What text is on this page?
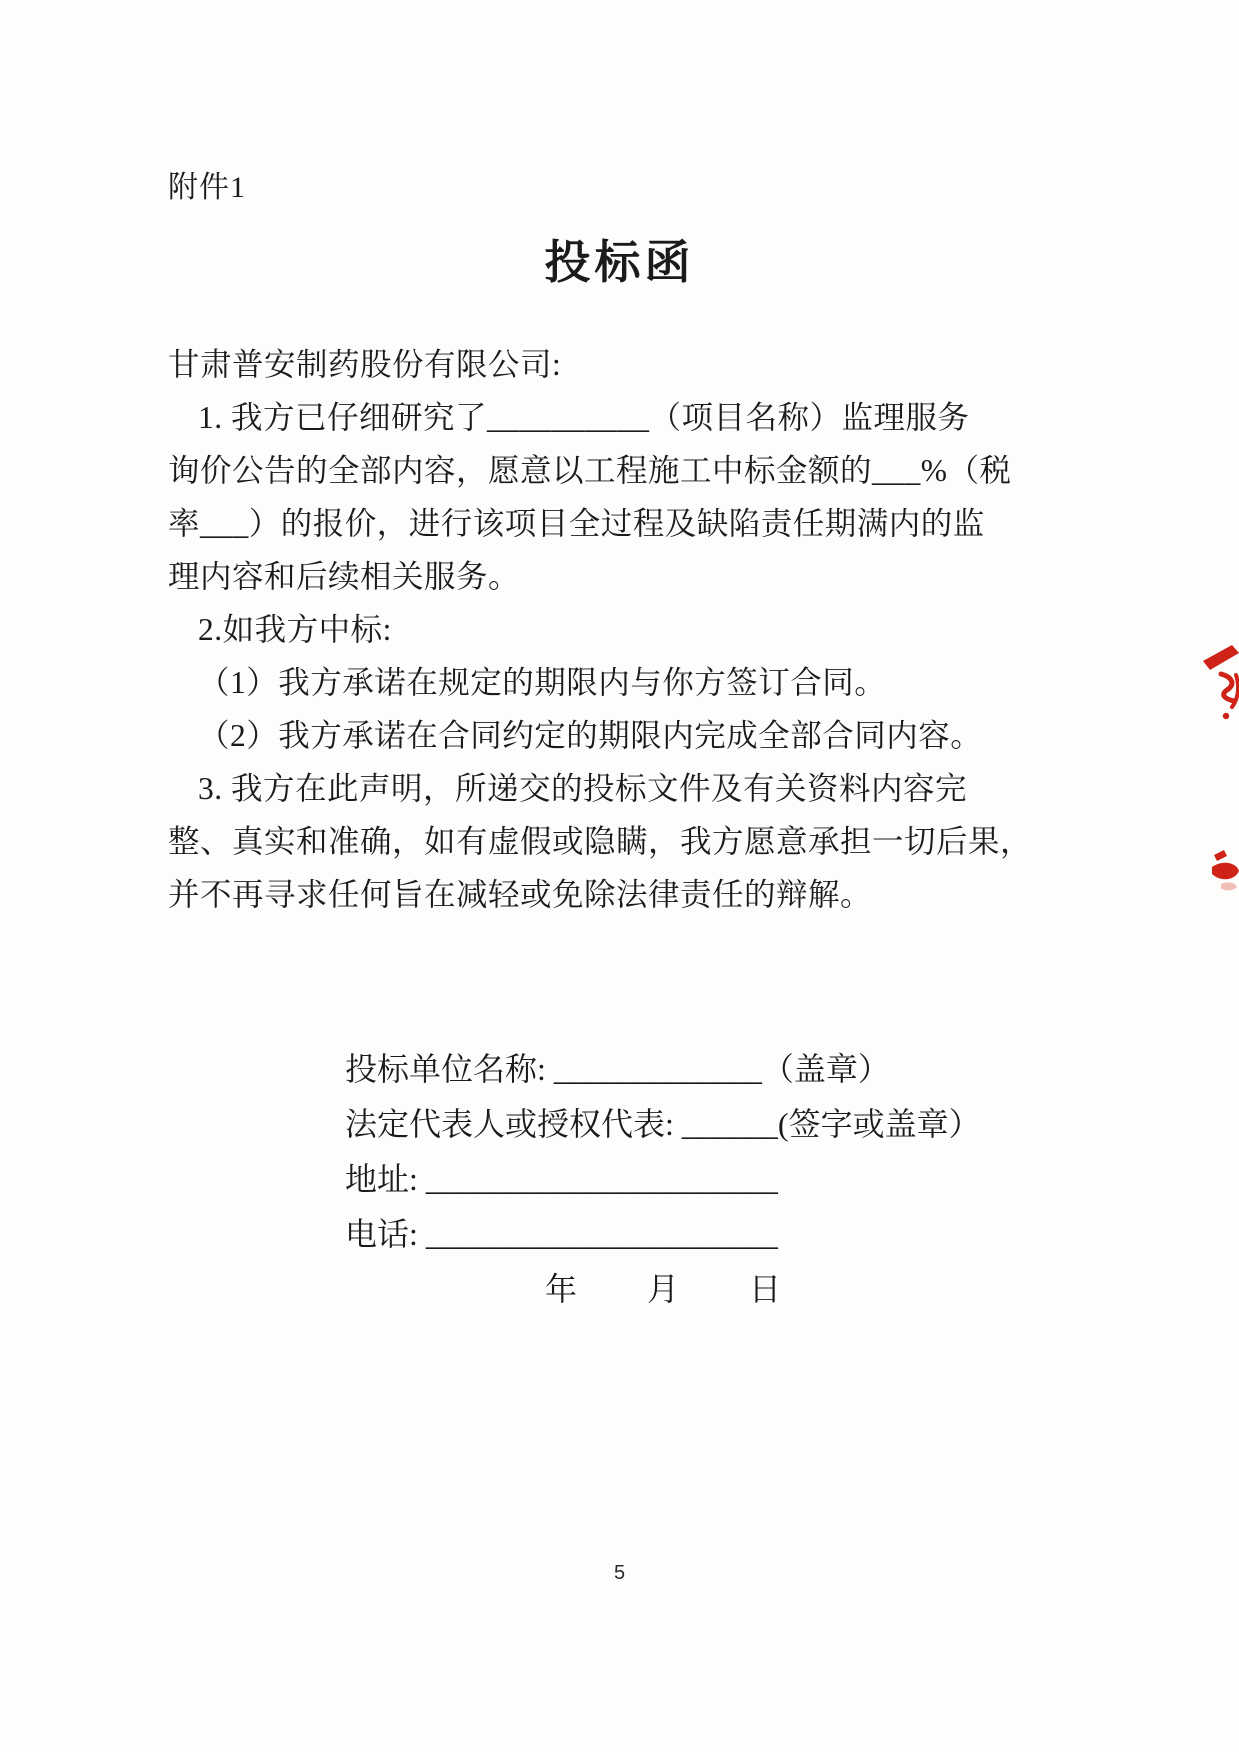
附件1
投标函
甘肃普安制药股份有限公司:
1. 我方已仔细研究了__________（项目名称）监理服务
询价公告的全部内容，愿意以工程施工中标金额的___%（税
率___）的报价，进行该项目全过程及缺陷责任期满内的监
理内容和后续相关服务。
2.如我方中标:
（1）我方承诺在规定的期限内与你方签订合同。
（2）我方承诺在合同约定的期限内完成全部合同内容。
3. 我方在此声明，所递交的投标文件及有关资料内容完
整、真实和准确，如有虚假或隐瞒，我方愿意承担一切后果，
并不再寻求任何旨在减轻或免除法律责任的辩解。
投标单位名称: _____________（盖章）
法定代表人或授权代表: ______(签字或盖章）
地址: ______________________
电话: ______________________
年　　月　　日
5
